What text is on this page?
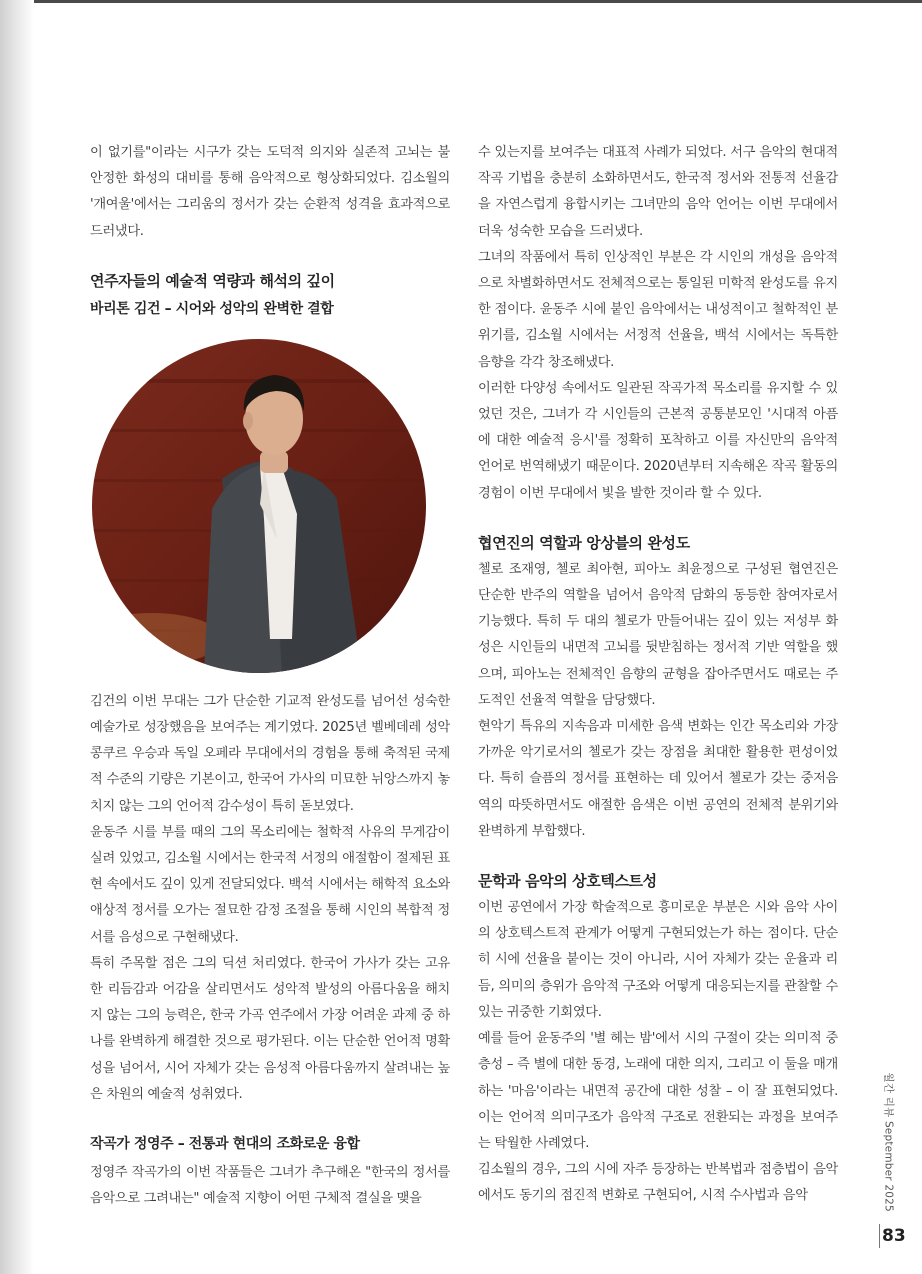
이 없기를"이라는 시구가 갖는 도덕적 의지와 실존적 고뇌는 불안정한 화성의 대비를 통해 음악적으로 형상화되었다. 김소월의 '개여울'에서는 그리움의 정서가 갖는 순환적 성격을 효과적으로 드러냈다.

연주자들의 예술적 역량과 해석의 깊이

바리톤 김건 – 시어와 성악의 완벽한 결합

김건의 이번 무대는 그가 단순한 기교적 완성도를 넘어선 성숙한 예술가로 성장했음을 보여주는 계기였다. 2025년 벨베데레 성악 콩쿠르 우승과 독일 오페라 무대에서의 경험을 통해 축적된 국제적 수준의 기량은 기본이고, 한국어 가사의 미묘한 뉘앙스까지 놓치지 않는 그의 언어적 감수성이 특히 돋보였다.

윤동주 시를 부를 때의 그의 목소리에는 철학적 사유의 무게감이 실려 있었고, 김소월 시에서는 한국적 서정의 애절함이 절제된 표현 속에서도 깊이 있게 전달되었다. 백석 시에서는 해학적 요소와 애상적 정서를 오가는 절묘한 감정 조절을 통해 시인의 복합적 정서를 음성으로 구현해냈다.

특히 주목할 점은 그의 딕션 처리였다. 한국어 가사가 갖는 고유한 리듬감과 어감을 살리면서도 성악적 발성의 아름다움을 해치지 않는 그의 능력은, 한국 가곡 연주에서 가장 어려운 과제 중 하나를 완벽하게 해결한 것으로 평가된다. 이는 단순한 언어적 명확성을 넘어서, 시어 자체가 갖는 음성적 아름다움까지 살려내는 높은 차원의 예술적 성취였다.

작곡가 정영주 – 전통과 현대의 조화로운 융합

정영주 작곡가의 이번 작품들은 그녀가 추구해온 "한국의 정서를 음악으로 그려내는" 예술적 지향이 어떤 구체적 결실을 맺을

수 있는지를 보여주는 대표적 사례가 되었다. 서구 음악의 현대적 작곡 기법을 충분히 소화하면서도, 한국적 정서와 전통적 선율감을 자연스럽게 융합시키는 그녀만의 음악 언어는 이번 무대에서 더욱 성숙한 모습을 드러냈다.

그녀의 작품에서 특히 인상적인 부분은 각 시인의 개성을 음악적으로 차별화하면서도 전체적으로는 통일된 미학적 완성도를 유지한 점이다. 윤동주 시에 붙인 음악에서는 내성적이고 철학적인 분위기를, 김소월 시에서는 서정적 선율을, 백석 시에서는 독특한 음향을 각각 창조해냈다.

이러한 다양성 속에서도 일관된 작곡가적 목소리를 유지할 수 있었던 것은, 그녀가 각 시인들의 근본적 공통분모인 '시대적 아픔에 대한 예술적 응시'를 정확히 포착하고 이를 자신만의 음악적 언어로 번역해냈기 때문이다. 2020년부터 지속해온 작곡 활동의 경험이 이번 무대에서 빛을 발한 것이라 할 수 있다.

협연진의 역할과 앙상블의 완성도

첼로 조재영, 첼로 최아현, 피아노 최윤정으로 구성된 협연진은 단순한 반주의 역할을 넘어서 음악적 담화의 동등한 참여자로서 기능했다. 특히 두 대의 첼로가 만들어내는 깊이 있는 저성부 화성은 시인들의 내면적 고뇌를 뒷받침하는 정서적 기반 역할을 했으며, 피아노는 전체적인 음향의 균형을 잡아주면서도 때로는 주도적인 선율적 역할을 담당했다.

현악기 특유의 지속음과 미세한 음색 변화는 인간 목소리와 가장 가까운 악기로서의 첼로가 갖는 장점을 최대한 활용한 편성이었다. 특히 슬픔의 정서를 표현하는 데 있어서 첼로가 갖는 중저음역의 따뜻하면서도 애절한 음색은 이번 공연의 전체적 분위기와 완벽하게 부합했다.

문학과 음악의 상호텍스트성

이번 공연에서 가장 학술적으로 흥미로운 부분은 시와 음악 사이의 상호텍스트적 관계가 어떻게 구현되었는가 하는 점이다. 단순히 시에 선율을 붙이는 것이 아니라, 시어 자체가 갖는 운율과 리듬, 의미의 층위가 음악적 구조와 어떻게 대응되는지를 관찰할 수 있는 귀중한 기회였다.

예를 들어 윤동주의 '별 헤는 밤'에서 시의 구절이 갖는 의미적 중층성 – 즉 별에 대한 동경, 노래에 대한 의지, 그리고 이 둘을 매개하는 '마음'이라는 내면적 공간에 대한 성찰 – 이 잘 표현되었다. 이는 언어적 의미구조가 음악적 구조로 전환되는 과정을 보여주는 탁월한 사례였다.

김소월의 경우, 그의 시에 자주 등장하는 반복법과 점층법이 음악에서도 동기의 점진적 변화로 구현되어, 시적 수사법과 음악	월간 리뷰 September 2025
83
